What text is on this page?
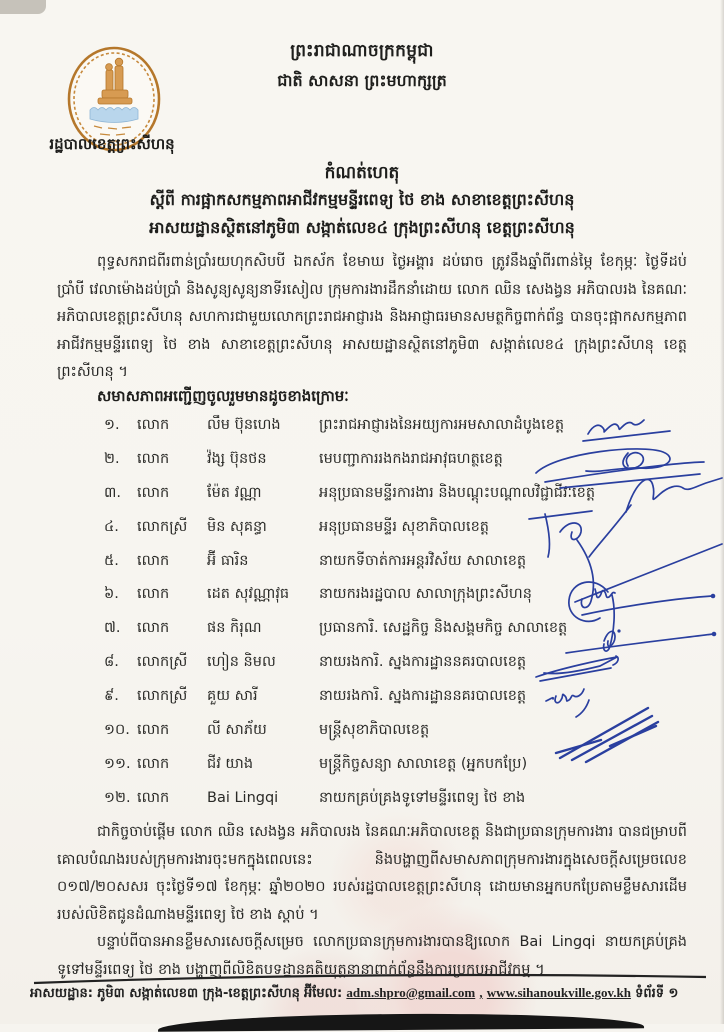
ព្រះរាជាណាចក្រកម្ពុជា
ជាតិ សាសនា ព្រះមហាក្សត្រ
រដ្ឋបាលខេត្តព្រះសីហនុ
កំណត់ហេតុ
ស្តីពី ការផ្អាកសកម្មភាពអាជីវកម្មមន្ទីរពេទ្យ ថៃ ខាង សាខាខេត្តព្រះសីហនុ
អាសយដ្ឋានស្ថិតនៅភូមិ៣ សង្កាត់លេខ៤ ក្រុងព្រះសីហនុ ខេត្តព្រះសីហនុ
ពុទ្ធសករាជពីរពាន់ប្រាំរយហុកសិបបី ឯកស័ក ខែមាឃ ថ្ងៃអង្គារ ដប់រោច ត្រូវនឹងឆ្នាំពីរពាន់ម្ភៃ ខែកុម្ភៈ ថ្ងៃទីដប់ប្រាំបី វេលាម៉ោងដប់ប្រាំ និងសូន្យសូន្យនាទីរសៀល ក្រុមការងារដឹកនាំដោយ លោក ឈិន សេងង្វន អភិបាលរង នៃគណៈអភិបាលខេត្តព្រះសីហនុ សហការជាមួយលោកព្រះរាជអាជ្ញារង និងអាជ្ញាធរមានសមត្ថកិច្ចពាក់ព័ន្ធ បានចុះផ្អាកសកម្មភាពអាជីវកម្មមន្ទីរពេទ្យ ថៃ ខាង សាខាខេត្តព្រះសីហនុ អាសយដ្ឋានស្ថិតនៅភូមិ៣ សង្កាត់លេខ៤ ក្រុងព្រះសីហនុ ខេត្តព្រះសីហនុ ។
សមាសភាពអញ្ជើញចូលរួមមានដូចខាងក្រោមៈ
១.	លោក	លឹម ប៊ុនហេង	ព្រះរាជអាជ្ញារងនៃអយ្យការអមសាលាដំបូងខេត្ត
២.	លោក	វ៉ង្ស ប៊ុនថន	មេបញ្ជាការរងកងរាជអាវុធហត្ថខេត្ត
៣.	លោក	ម៉ែត វណ្ណា	អនុប្រធានមន្ទីរការងារ និងបណ្តុះបណ្តាលវិជ្ជាជីវៈខេត្ត
៤.	លោកស្រី	មិន សុគន្ធា	អនុប្រធានមន្ទីរ សុខាភិបាលខេត្ត
៥.	លោក	អ៊ី ធារិន	នាយកទីចាត់ការអន្តរវិស័យ សាលាខេត្ត
៦.	លោក	ដេត សុវណ្ណាវុធ	នាយករងរដ្ឋបាល សាលាក្រុងព្រះសីហនុ
៧.	លោក	ផន កិរុណ	ប្រធានការិ. សេដ្ឋកិច្ច និងសង្គមកិច្ច សាលាខេត្ត
៨.	លោកស្រី	ហៀន និមល	នាយរងការិ. ស្នងការដ្ឋាននគរបាលខេត្ត
៩.	លោកស្រី	គួយ សារី	នាយរងការិ. ស្នងការដ្ឋាននគរបាលខេត្ត
១០. លោក	លី សាភ័យ	មន្ត្រីសុខាភិបាលខេត្ត
១១. លោក	ជីវ យាង	មន្ត្រីកិច្ចសន្យា សាលាខេត្ត (អ្នកបកប្រែ)
១២. លោក	Bai Lingqi	នាយកគ្រប់គ្រងទូទៅមន្ទីរពេទ្យ ថៃ ខាង
ជាកិច្ចចាប់ផ្តើម លោក ឈិន សេងង្វន អភិបាលរង នៃគណៈអភិបាលខេត្ត និងជាប្រធានក្រុមការងារ បានជម្រាបពីគោលបំណងរបស់ក្រុមការងារចុះមកក្នុងពេលនេះ និងបង្ហាញពីសមាសភាពក្រុមការងារក្នុងសេចក្តីសម្រេចលេខ ០១៧/២០សសរ ចុះថ្ងៃទី១៧ ខែកុម្ភៈ ឆ្នាំ២០២០ របស់រដ្ឋបាលខេត្តព្រះសីហនុ ដោយមានអ្នកបកប្រែតាមខ្លឹមសារដើមរបស់លិខិតជូនដំណាងមន្ទីរពេទ្យ ថៃ ខាង ស្តាប់ ។
បន្ទាប់ពីបានអានខ្លឹមសារសេចក្តីសម្រេច លោកប្រធានក្រុមការងារបានឱ្យលោក Bai Lingqi នាយកគ្រប់គ្រងទូទៅមន្ទីរពេទ្យ ថៃ ខាង បង្ហាញពីលិខិតបទដ្ឋានគតិយុត្តនានាពាក់ព័ន្ធនឹងការប្រកបអាជីវកម្ម ។
អាសយដ្ឋាន: ភូមិ៣ សង្កាត់លេខ៣ ក្រុង-ខេត្តព្រះសីហនុ អ៊ីមែល: adm.shpro@gmail.com , www.sihanoukville.gov.kh ទំព័រទី ១
